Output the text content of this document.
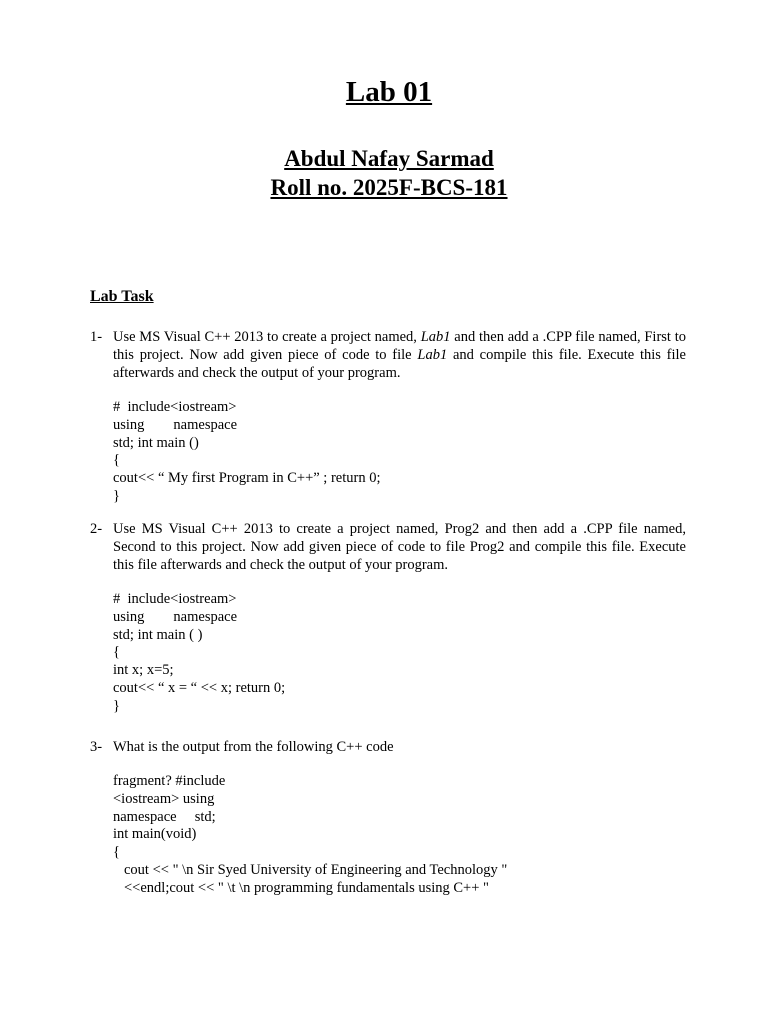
Lab 01
Abdul Nafay Sarmad
Roll no. 2025F-BCS-181
Lab Task
1- Use MS Visual C++ 2013 to create a project named, Lab1 and then add a .CPP file named, First to this project. Now add given piece of code to file Lab1 and compile this file. Execute this file afterwards and check the output of your program.
#  include<iostream>
using        namespace
std; int main ()
{
cout<< “ My first Program in C++” ; return 0;
}
2- Use MS Visual C++ 2013 to create a project named, Prog2 and then add a .CPP file named, Second to this project. Now add given piece of code to file Prog2 and compile this file. Execute this file afterwards and check the output of your program.
#  include<iostream>
using        namespace
std; int main ( )
{
int x; x=5;
cout<< “ x = “ << x; return 0;
}
3- What is the output from the following C++ code
fragment? #include
<iostream> using
namespace     std;
int main(void)
{
cout << " \n Sir Syed University of Engineering and Technology "
<<endl;cout << " \t \n programming fundamentals using C++ "
